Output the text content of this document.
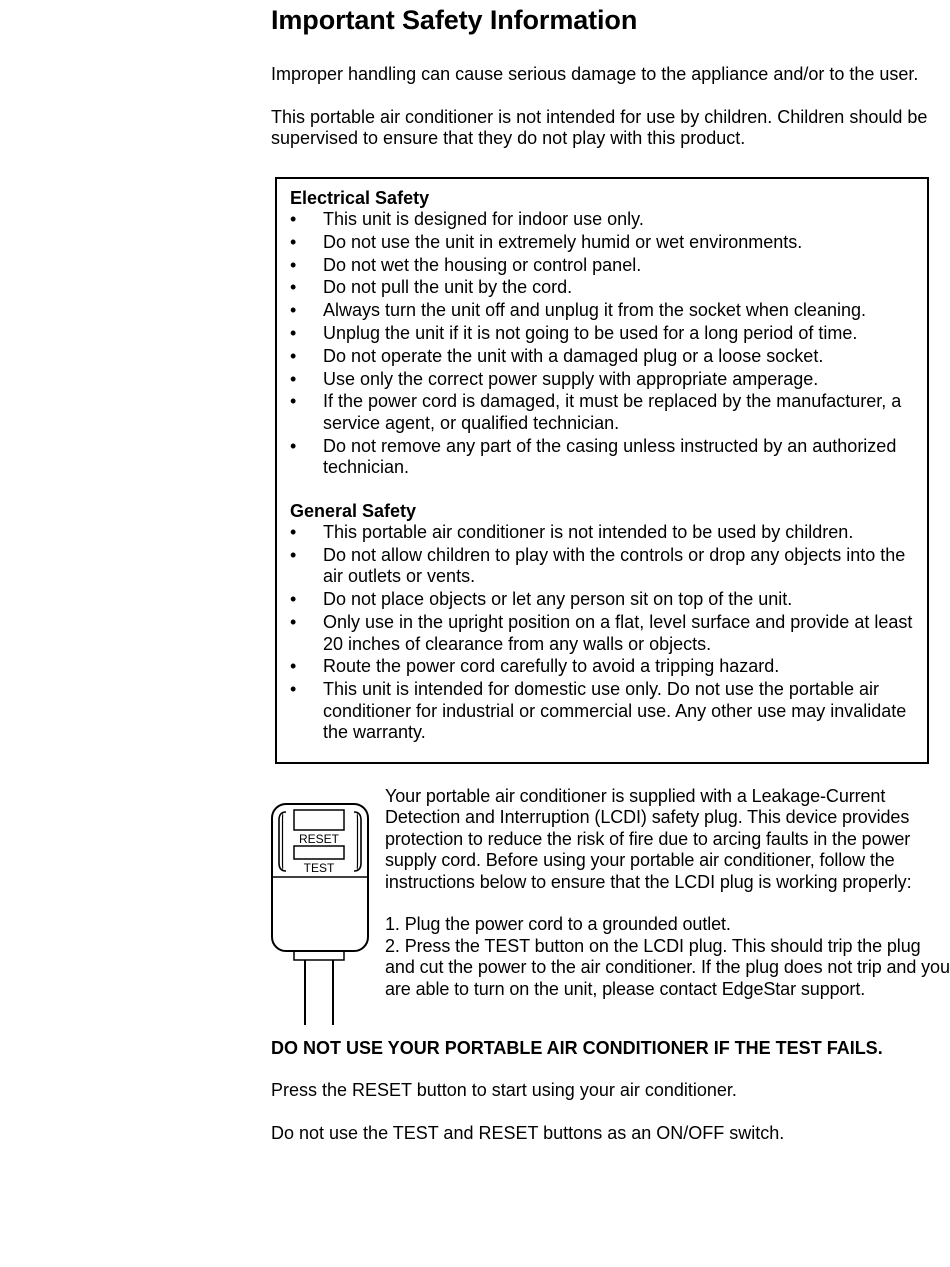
Important Safety Information

Improper handling can cause serious damage to the appliance and/or to the user.

This portable air conditioner is not intended for use by children. Children should be supervised to ensure that they do not play with this product.

Electrical Safety
• This unit is designed for indoor use only.
• Do not use the unit in extremely humid or wet environments.
• Do not wet the housing or control panel.
• Do not pull the unit by the cord.
• Always turn the unit off and unplug it from the socket when cleaning.
• Unplug the unit if it is not going to be used for a long period of time.
• Do not operate the unit with a damaged plug or a loose socket.
• Use only the correct power supply with appropriate amperage.
• If the power cord is damaged, it must be replaced by the manufacturer, a service agent, or qualified technician.
• Do not remove any part of the casing unless instructed by an authorized technician.
General Safety
• This portable air conditioner is not intended to be used by children.
• Do not allow children to play with the controls or drop any objects into the air outlets or vents.
• Do not place objects or let any person sit on top of the unit.
• Only use in the upright position on a flat, level surface and provide at least 20 inches of clearance from any walls or objects.
• Route the power cord carefully to avoid a tripping hazard.
• This unit is intended for domestic use only. Do not use the portable air conditioner for industrial or commercial use. Any other use may invalidate the warranty.
RESET
TEST

Your portable air conditioner is supplied with a Leakage-Current Detection and Interruption (LCDI) safety plug. This device provides protection to reduce the risk of fire due to arcing faults in the power supply cord. Before using your portable air conditioner, follow the instructions below to ensure that the LCDI plug is working properly:

1. Plug the power cord to a grounded outlet.

2. Press the TEST button on the LCDI plug. This should trip the plug and cut the power to the air conditioner. If the plug does not trip and you are able to turn on the unit, please contact EdgeStar support.

DO NOT USE YOUR PORTABLE AIR CONDITIONER IF THE TEST FAILS.

Press the RESET button to start using your air conditioner.

Do not use the TEST and RESET buttons as an ON/OFF switch.
